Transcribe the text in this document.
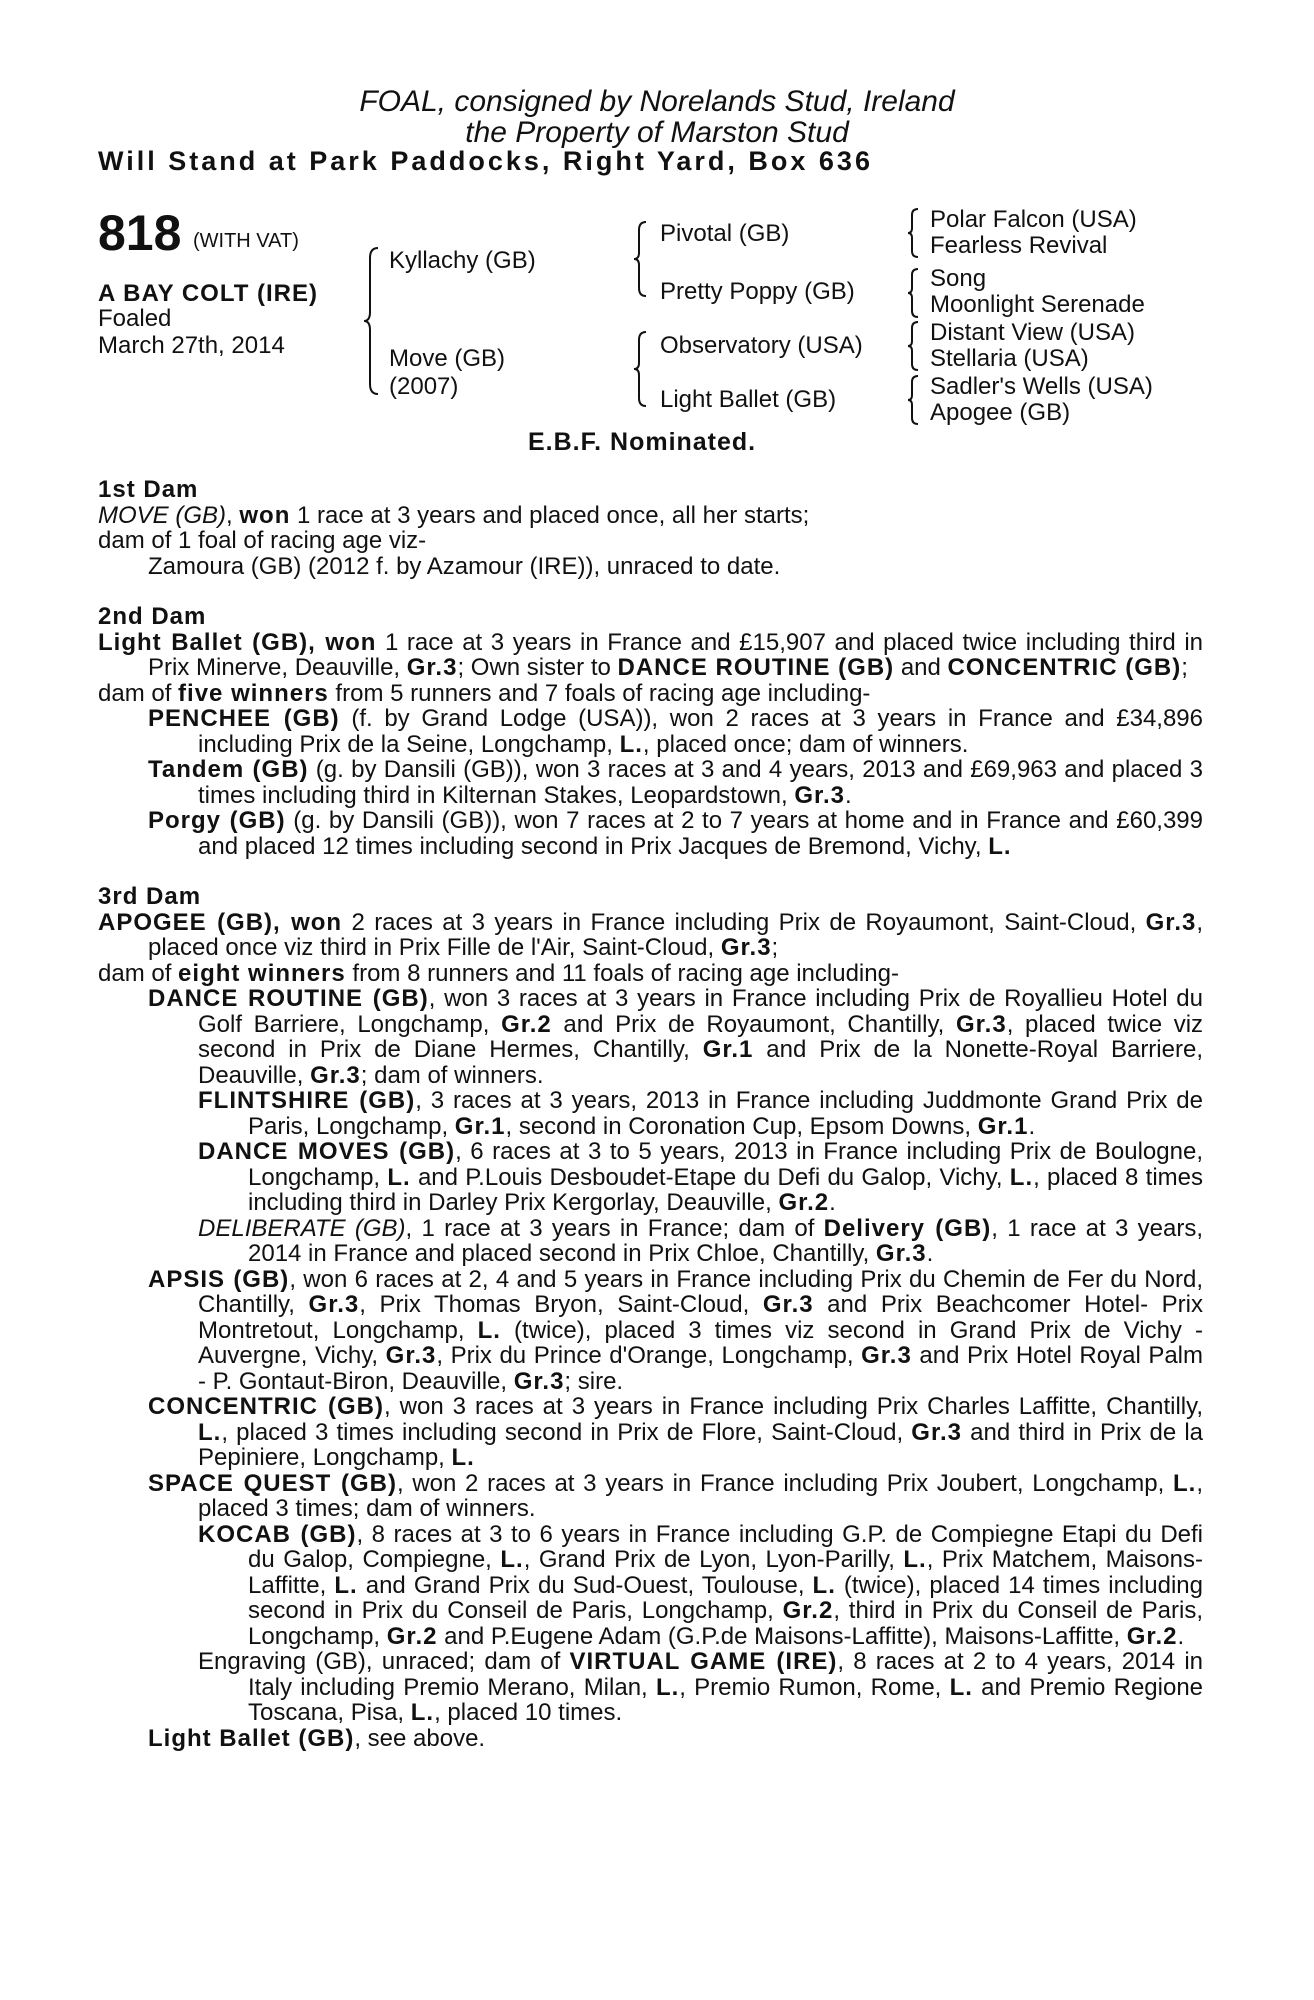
FOAL, consigned by Norelands Stud, Ireland
the Property of Marston Stud
Will Stand at Park Paddocks, Right Yard, Box 636
818 (WITH VAT)
A BAY COLT (IRE)
Foaled
March 27th, 2014
Kyllachy (GB)
Move (GB)
(2007)
Pivotal (GB)
Pretty Poppy (GB)
Observatory (USA)
Light Ballet (GB)
Polar Falcon (USA)
Fearless Revival
Song
Moonlight Serenade
Distant View (USA)
Stellaria (USA)
Sadler's Wells (USA)
Apogee (GB)
E.B.F. Nominated.
1st Dam

MOVE (GB), won 1 race at 3 years and placed once, all her starts;

dam of 1 foal of racing age viz-

Zamoura (GB) (2012 f. by Azamour (IRE)), unraced to date.

2nd Dam

Light Ballet (GB), won 1 race at 3 years in France and £15,907 and placed twice including third in Prix Minerve, Deauville, Gr.3; Own sister to DANCE ROUTINE (GB) and CONCENTRIC (GB);

dam of five winners from 5 runners and 7 foals of racing age including-

PENCHEE (GB) (f. by Grand Lodge (USA)), won 2 races at 3 years in France and £34,896 including Prix de la Seine, Longchamp, L., placed once; dam of winners.

Tandem (GB) (g. by Dansili (GB)), won 3 races at 3 and 4 years, 2013 and £69,963 and placed 3 times including third in Kilternan Stakes, Leopardstown, Gr.3.

Porgy (GB) (g. by Dansili (GB)), won 7 races at 2 to 7 years at home and in France and £60,399 and placed 12 times including second in Prix Jacques de Bremond, Vichy, L.

3rd Dam

APOGEE (GB), won 2 races at 3 years in France including Prix de Royaumont, Saint-Cloud, Gr.3, placed once viz third in Prix Fille de l'Air, Saint-Cloud, Gr.3;

dam of eight winners from 8 runners and 11 foals of racing age including-

DANCE ROUTINE (GB), won 3 races at 3 years in France including Prix de Royallieu Hotel du Golf Barriere, Longchamp, Gr.2 and Prix de Royaumont, Chantilly, Gr.3, placed twice viz second in Prix de Diane Hermes, Chantilly, Gr.1 and Prix de la Nonette-Royal Barriere, Deauville, Gr.3; dam of winners.

FLINTSHIRE (GB), 3 races at 3 years, 2013 in France including Juddmonte Grand Prix de Paris, Longchamp, Gr.1, second in Coronation Cup, Epsom Downs, Gr.1.

DANCE MOVES (GB), 6 races at 3 to 5 years, 2013 in France including Prix de Boulogne, Longchamp, L. and P.Louis Desboudet-Etape du Defi du Galop, Vichy, L., placed 8 times including third in Darley Prix Kergorlay, Deauville, Gr.2.

DELIBERATE (GB), 1 race at 3 years in France; dam of Delivery (GB), 1 race at 3 years, 2014 in France and placed second in Prix Chloe, Chantilly, Gr.3.

APSIS (GB), won 6 races at 2, 4 and 5 years in France including Prix du Chemin de Fer du Nord, Chantilly, Gr.3, Prix Thomas Bryon, Saint-Cloud, Gr.3 and Prix Beachcomer Hotel- Prix Montretout, Longchamp, L. (twice), placed 3 times viz second in Grand Prix de Vichy - Auvergne, Vichy, Gr.3, Prix du Prince d'Orange, Longchamp, Gr.3 and Prix Hotel Royal Palm - P. Gontaut-Biron, Deauville, Gr.3; sire.

CONCENTRIC (GB), won 3 races at 3 years in France including Prix Charles Laffitte, Chantilly, L., placed 3 times including second in Prix de Flore, Saint-Cloud, Gr.3 and third in Prix de la Pepiniere, Longchamp, L.

SPACE QUEST (GB), won 2 races at 3 years in France including Prix Joubert, Longchamp, L., placed 3 times; dam of winners.

KOCAB (GB), 8 races at 3 to 6 years in France including G.P. de Compiegne Etapi du Defi du Galop, Compiegne, L., Grand Prix de Lyon, Lyon-Parilly, L., Prix Matchem, Maisons-Laffitte, L. and Grand Prix du Sud-Ouest, Toulouse, L. (twice), placed 14 times including second in Prix du Conseil de Paris, Longchamp, Gr.2, third in Prix du Conseil de Paris, Longchamp, Gr.2 and P.Eugene Adam (G.P.de Maisons-Laffitte), Maisons-Laffitte, Gr.2.

Engraving (GB), unraced; dam of VIRTUAL GAME (IRE), 8 races at 2 to 4 years, 2014 in Italy including Premio Merano, Milan, L., Premio Rumon, Rome, L. and Premio Regione Toscana, Pisa, L., placed 10 times.

Light Ballet (GB), see above.
